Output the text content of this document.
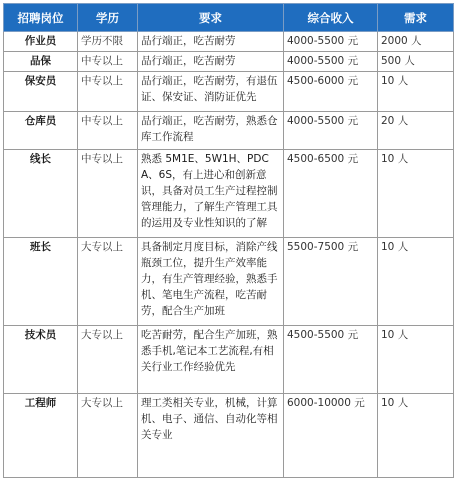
招聘岗位	学历	要求	综合收入	需求
作业员	学历不限	品行端正，吃苦耐劳	4000-5500 元	2000 人
品保	中专以上	品行端正，吃苦耐劳	4000-5500 元	500 人
保安员	中专以上	品行端正，吃苦耐劳，有退伍证、保安证、消防证优先	4500-6000 元	10 人
仓库员	中专以上	品行端正，吃苦耐劳，熟悉仓库工作流程	4000-5500 元	20 人
线长	中专以上	熟悉 5M1E、5W1H、PDCA、6S，有上进心和创新意识，具备对员工生产过程控制管理能力，了解生产管理工具的运用及专业性知识的了解	4500-6500 元	10 人
班长	大专以上	具备制定月度目标，消除产线瓶颈工位，提升生产效率能力，有生产管理经验，熟悉手机、笔电生产流程，吃苦耐劳，配合生产加班	5500-7500 元	10 人
技术员	大专以上	吃苦耐劳，配合生产加班，熟悉手机,笔记本工艺流程,有相关行业工作经验优先	4500-5500 元	10 人
工程师	大专以上	理工类相关专业，机械，计算机、电子、通信、自动化等相关专业	6000-10000 元	10 人
